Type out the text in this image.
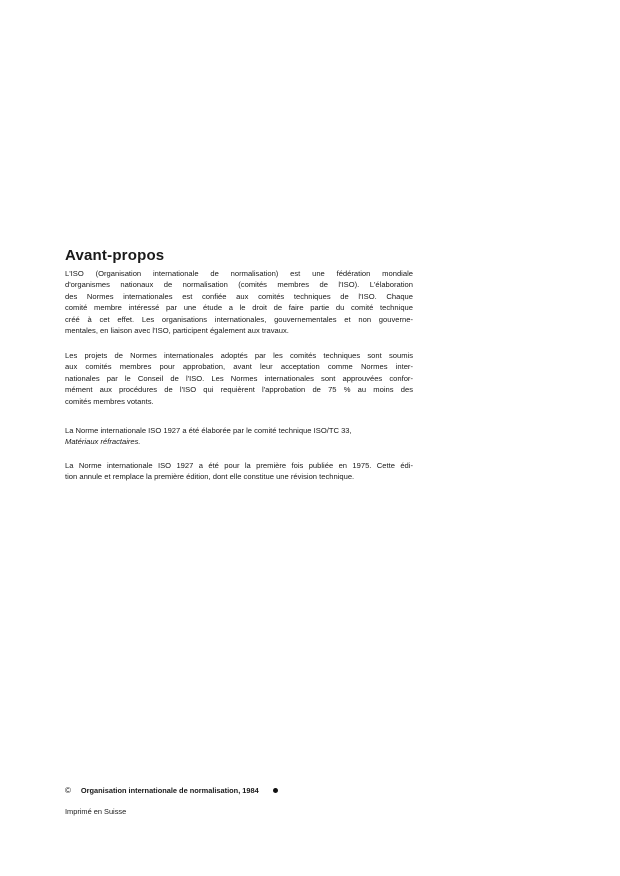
Avant-propos
L'ISO (Organisation internationale de normalisation) est une fédération mondiale
d'organismes nationaux de normalisation (comités membres de l'ISO). L'élaboration
des Normes internationales est confiée aux comités techniques de l'ISO. Chaque
comité membre intéressé par une étude a le droit de faire partie du comité technique
créé à cet effet. Les organisations internationales, gouvernementales et non gouverne-
mentales, en liaison avec l'ISO, participent également aux travaux.
Les projets de Normes internationales adoptés par les comités techniques sont soumis
aux comités membres pour approbation, avant leur acceptation comme Normes inter-
nationales par le Conseil de l'ISO. Les Normes internationales sont approuvées confor-
mément aux procédures de l'ISO qui requièrent l'approbation de 75 % au moins des
comités membres votants.
La Norme internationale ISO 1927 a été élaborée par le comité technique ISO/TC 33,
Matériaux réfractaires.
La Norme internationale ISO 1927 a été pour la première fois publiée en 1975. Cette édi-
tion annule et remplace la première édition, dont elle constitue une révision technique.
© Organisation internationale de normalisation, 1984
Imprimé en Suisse
